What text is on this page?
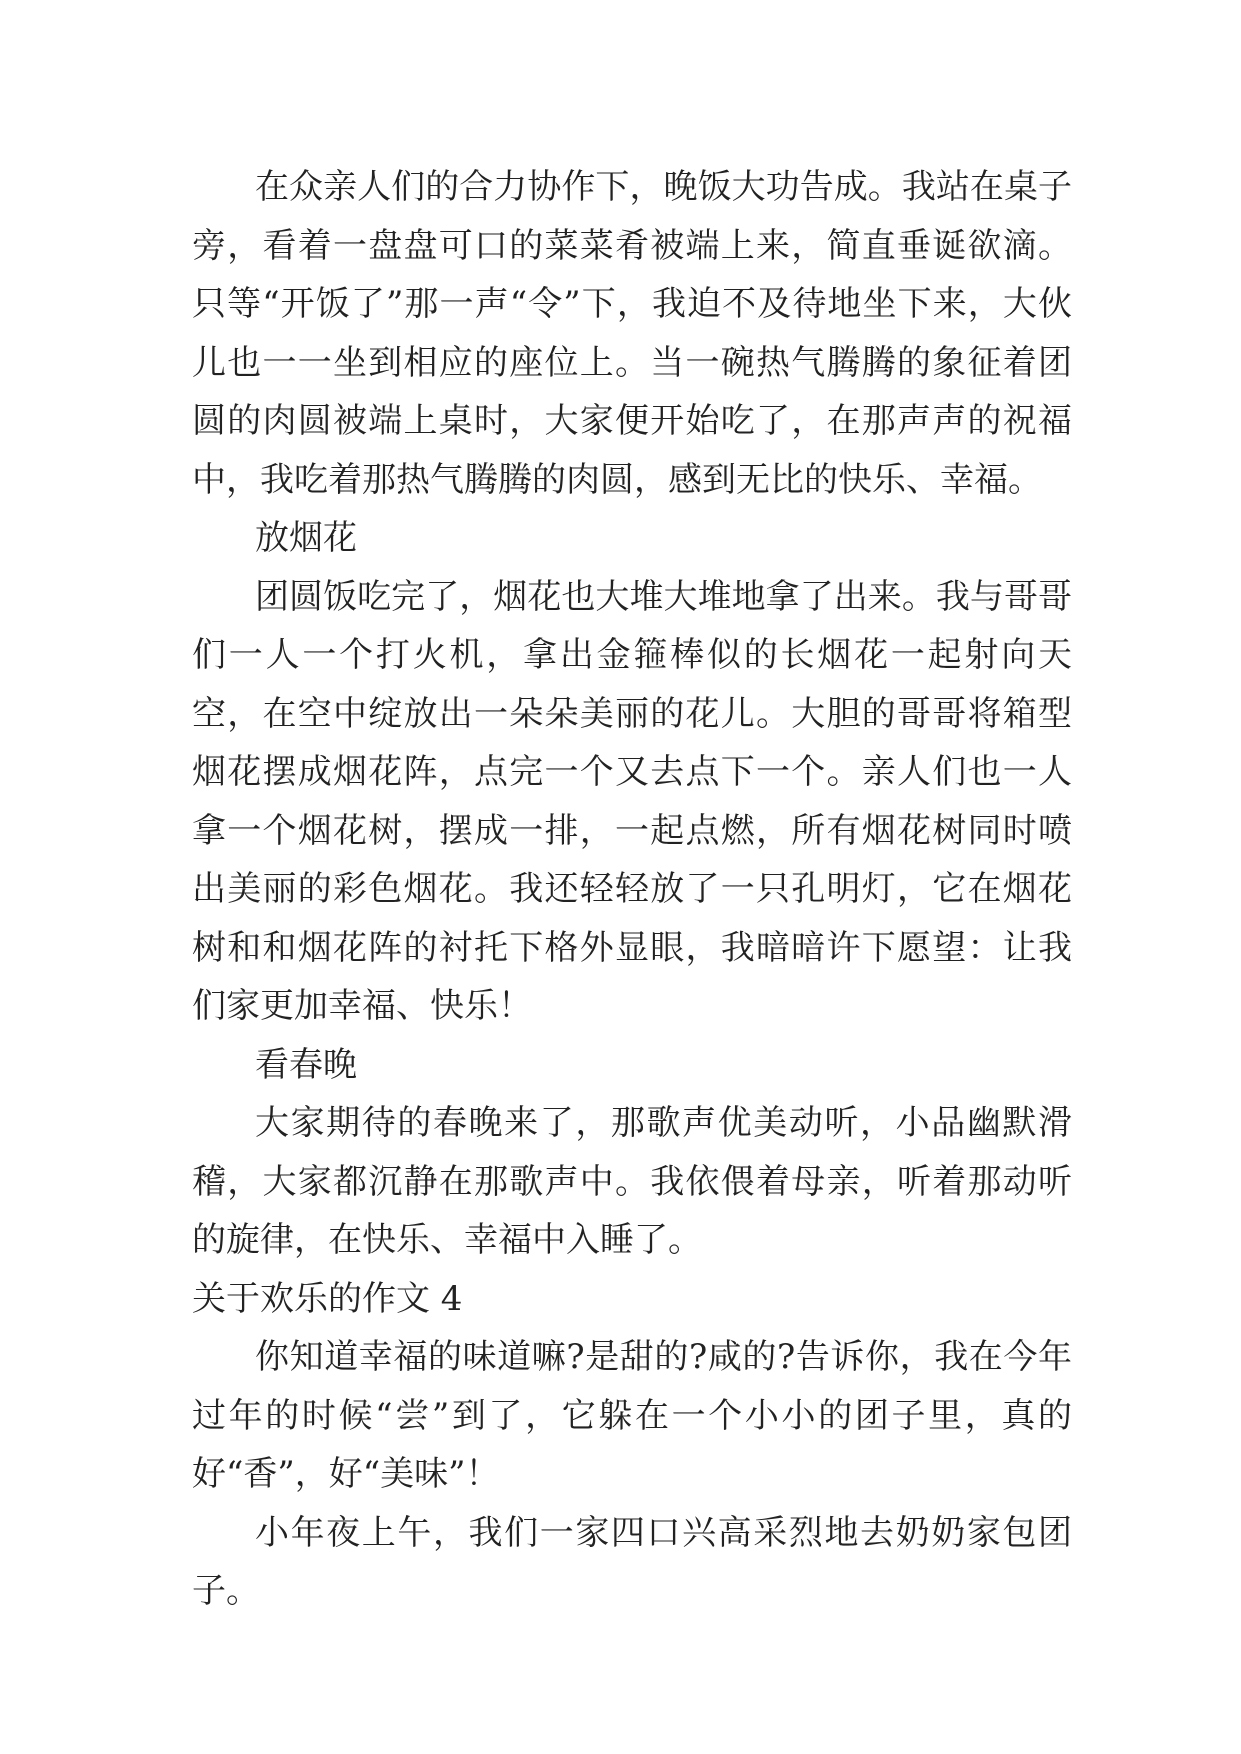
在众亲人们的合力协作下，晚饭大功告成。我站在桌子旁，看着一盘盘可口的菜菜肴被端上来，简直垂诞欲滴。只等“开饭了”那一声“令”下，我迫不及待地坐下来，大伙儿也一一坐到相应的座位上。当一碗热气腾腾的象征着团圆的肉圆被端上桌时，大家便开始吃了，在那声声的祝福中，我吃着那热气腾腾的肉圆，感到无比的快乐、幸福。

放烟花

团圆饭吃完了，烟花也大堆大堆地拿了出来。我与哥哥们一人一个打火机，拿出金箍棒似的长烟花一起射向天空，在空中绽放出一朵朵美丽的花儿。大胆的哥哥将箱型烟花摆成烟花阵，点完一个又去点下一个。亲人们也一人拿一个烟花树，摆成一排，一起点燃，所有烟花树同时喷出美丽的彩色烟花。我还轻轻放了一只孔明灯，它在烟花树和和烟花阵的衬托下格外显眼，我暗暗许下愿望：让我们家更加幸福、快乐！

看春晚

大家期待的春晚来了，那歌声优美动听，小品幽默滑稽，大家都沉静在那歌声中。我依偎着母亲，听着那动听的旋律，在快乐、幸福中入睡了。

关于欢乐的作文 4

你知道幸福的味道嘛?是甜的?咸的?告诉你，我在今年过年的时候“尝”到了，它躲在一个小小的团子里，真的好“香”，好“美味”！

小年夜上午，我们一家四口兴高采烈地去奶奶家包团子。
